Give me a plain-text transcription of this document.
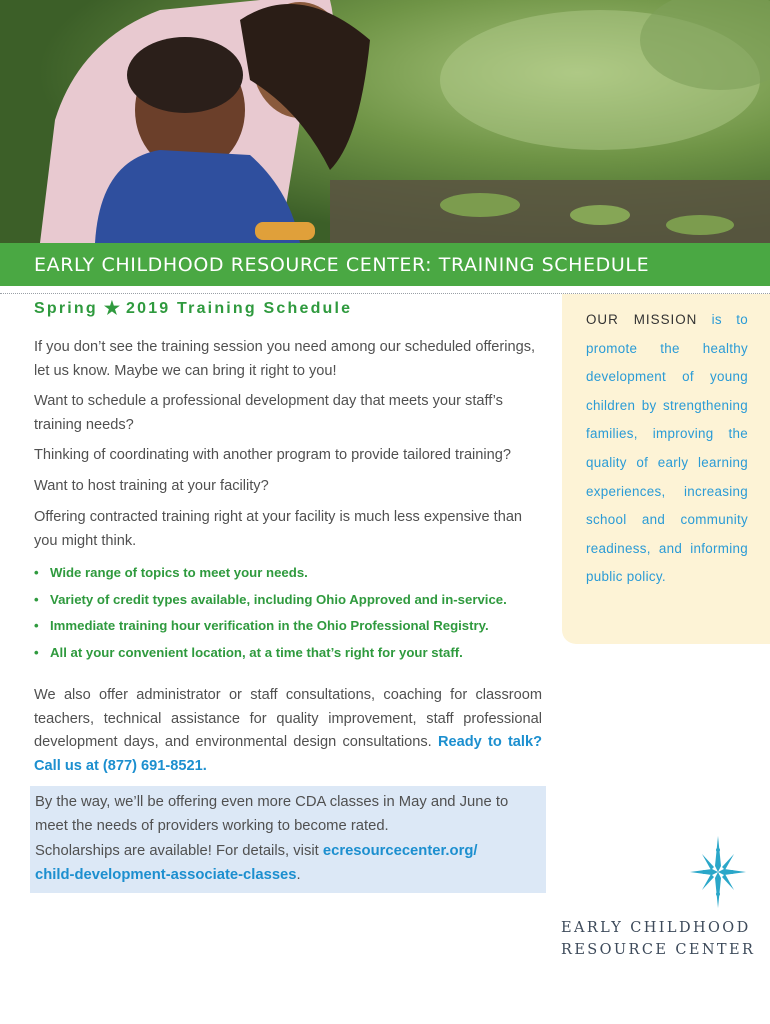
EARLY CHILDHOOD RESOURCE CENTER: TRAINING SCHEDULE
Spring ★ 2019 Training Schedule

If you don’t see the training session you need among our scheduled offerings, let us know. Maybe we can bring it right to you!

Want to schedule a professional development day that meets your staff’s training needs?

Thinking of coordinating with another program to provide tailored training?

Want to host training at your facility?

Offering contracted training right at your facility is much less expensive than you might think.

• Wide range of topics to meet your needs.
• Variety of credit types available, including Ohio Approved and in-service.
• Immediate training hour verification in the Ohio Professional Registry.
• All at your convenient location, at a time that’s right for your staff.

We also offer administrator or staff consultations, coaching for classroom teachers, technical assistance for quality improvement, staff professional development days, and environmental design consultations. Ready to talk? Call us at (877) 691-8521.

By the way, we’ll be offering even more CDA classes in May and June to meet the needs of providers working to become rated.

Scholarships are available! For details, visit ecresourcecenter.org/
child-development-associate-classes.

OUR MISSION is to promote the healthy development of young children by strengthening families, improving the quality of early learning experiences, increasing school and community readiness, and informing public policy.

EARLY CHILDHOOD
RESOURCE CENTER
